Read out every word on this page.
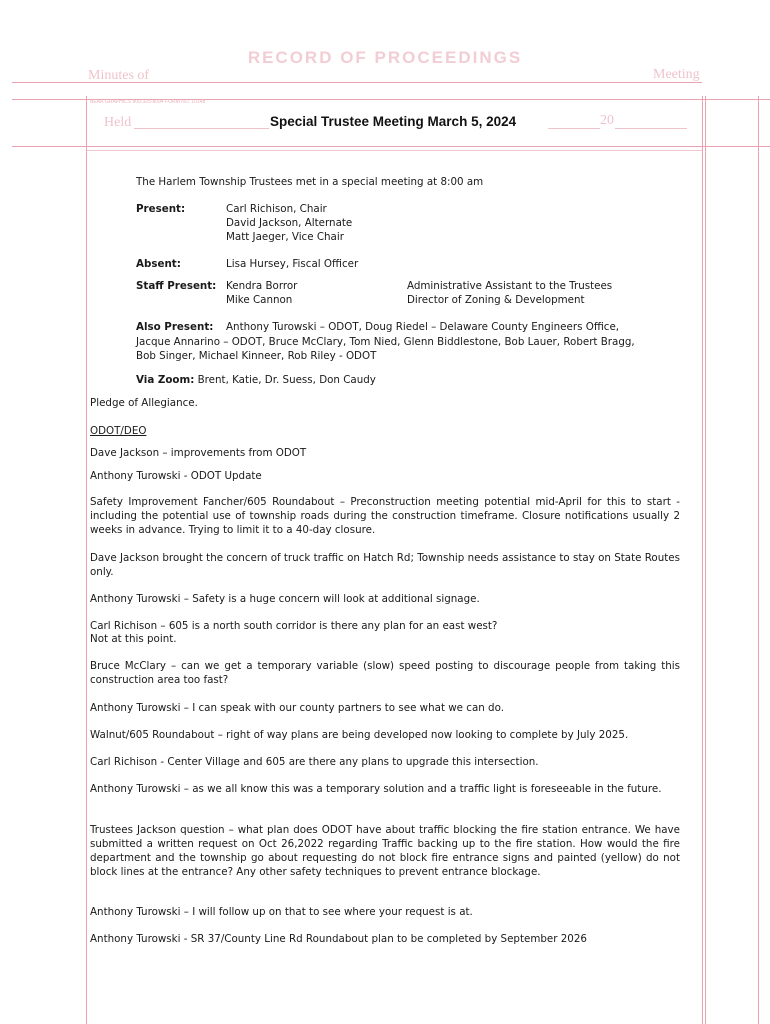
RECORD OF PROCEEDINGS
Minutes of	Meeting
BEAR GRAPHICS 800-325-8094 FORM NO. 10148
Held	20
Special Trustee Meeting March 5, 2024
The Harlem Township Trustees met in a special meeting at 8:00 am
Present:	Carl Richison, Chair
David Jackson, Alternate
Matt Jaeger, Vice Chair
Absent:	Lisa Hursey, Fiscal Officer
Staff Present: Kendra Borror	Administrative Assistant to the Trustees
Mike Cannon	Director of Zoning & Development
Also Present: Anthony Turowski – ODOT, Doug Riedel – Delaware County Engineers Office,
Jacque Annarino – ODOT, Bruce McClary, Tom Nied, Glenn Biddlestone, Bob Lauer, Robert Bragg,
Bob Singer, Michael Kinneer, Rob Riley - ODOT
Via Zoom: Brent, Katie, Dr. Suess, Don Caudy
Pledge of Allegiance.
ODOT/DEO
Dave Jackson – improvements from ODOT
Anthony Turowski - ODOT Update
Safety Improvement Fancher/605 Roundabout – Preconstruction meeting potential mid-April for this to start - including the potential use of township roads during the construction timeframe. Closure notifications usually 2 weeks in advance. Trying to limit it to a 40-day closure.
Dave Jackson brought the concern of truck traffic on Hatch Rd; Township needs assistance to stay on State Routes only.
Anthony Turowski – Safety is a huge concern will look at additional signage.
Carl Richison – 605 is a north south corridor is there any plan for an east west?
Not at this point.
Bruce McClary – can we get a temporary variable (slow) speed posting to discourage people from taking this construction area too fast?
Anthony Turowski – I can speak with our county partners to see what we can do.
Walnut/605 Roundabout – right of way plans are being developed now looking to complete by July 2025.
Carl Richison - Center Village and 605 are there any plans to upgrade this intersection.
Anthony Turowski – as we all know this was a temporary solution and a traffic light is foreseeable in the future.
Trustees Jackson question – what plan does ODOT have about traffic blocking the fire station entrance. We have submitted a written request on Oct 26,2022 regarding Traffic backing up to the fire station. How would the fire department and the township go about requesting do not block fire entrance signs and painted (yellow) do not block lines at the entrance? Any other safety techniques to prevent entrance blockage.
Anthony Turowski – I will follow up on that to see where your request is at.
Anthony Turowski - SR 37/County Line Rd Roundabout plan to be completed by September 2026
